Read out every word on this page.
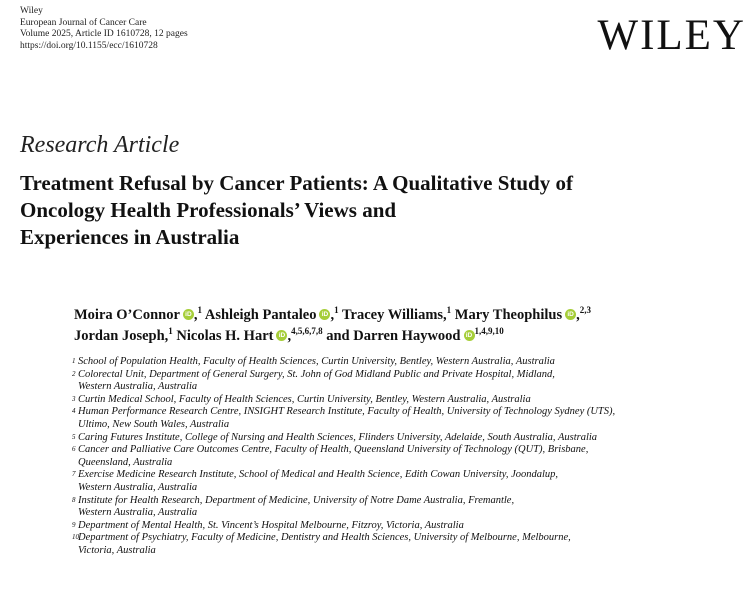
Wiley
European Journal of Cancer Care
Volume 2025, Article ID 1610728, 12 pages
https://doi.org/10.1155/ecc/1610728	WILEY
Research Article
Treatment Refusal by Cancer Patients: A Qualitative Study of
Oncology Health Professionals’ Views and
Experiences in Australia
Moira O’Connor iD ,$^1$ Ashleigh Pantaleo iD ,$^1$ Tracey Williams,$^1$ Mary Theophilus iD ,$^{2,3}$
Jordan Joseph,$^1$ Nicolas H. Hart iD ,$^{4,5,6,7,8}$ and Darren Haywood iD $^{1,4,9,10}$
1 School of Population Health, Faculty of Health Sciences, Curtin University, Bentley, Western Australia, Australia
2 Colorectal Unit, Department of General Surgery, St. John of God Midland Public and Private Hospital, Midland,
Western Australia, Australia
3 Curtin Medical School, Faculty of Health Sciences, Curtin University, Bentley, Western Australia, Australia
4 Human Performance Research Centre, INSIGHT Research Institute, Faculty of Health, University of Technology Sydney (UTS),
Ultimo, New South Wales, Australia
5 Caring Futures Institute, College of Nursing and Health Sciences, Flinders University, Adelaide, South Australia, Australia
6 Cancer and Palliative Care Outcomes Centre, Faculty of Health, Queensland University of Technology (QUT), Brisbane,
Queensland, Australia
7 Exercise Medicine Research Institute, School of Medical and Health Science, Edith Cowan University, Joondalup,
Western Australia, Australia
8 Institute for Health Research, Department of Medicine, University of Notre Dame Australia, Fremantle,
Western Australia, Australia
9 Department of Mental Health, St. Vincent’s Hospital Melbourne, Fitzroy, Victoria, Australia
10 Department of Psychiatry, Faculty of Medicine, Dentistry and Health Sciences, University of Melbourne, Melbourne,
Victoria, Australia
